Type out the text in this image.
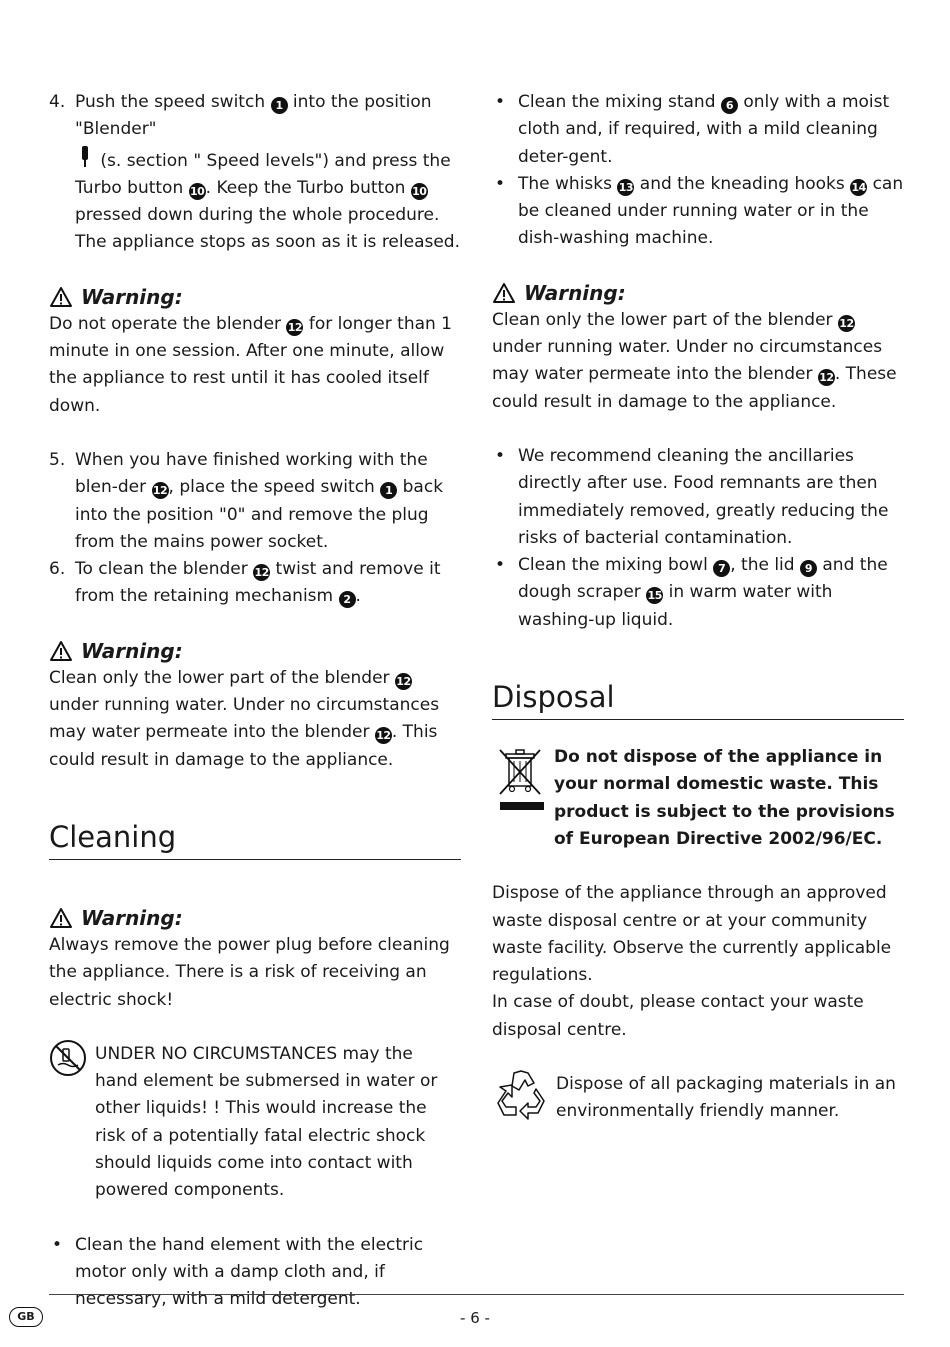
4. Push the speed switch 1 into the position "Blender"
(s. section " Speed levels") and press the Turbo button 10. Keep the Turbo button 10 pressed down during the whole procedure. The appliance stops as soon as it is released.

Warning:

Do not operate the blender 12 for longer than 1 minute in one session. After one minute, allow the appliance to rest until it has cooled itself down.

5. When you have finished working with the blen-der 12, place the speed switch 1 back into the position "0" and remove the plug from the mains power socket.

6. To clean the blender 12 twist and remove it from the retaining mechanism 2 .

Warning:

Clean only the lower part of the blender 12 under running water. Under no circumstances may water permeate into the blender 12. This could result in damage to the appliance.

Cleaning
Warning:

Always remove the power plug before cleaning the appliance. There is a risk of receiving an electric shock!

UNDER NO CIRCUMSTANCES may the hand element be submersed in water or other liquids! ! This would increase the risk of a potentially fatal electric shock should liquids come into contact with powered components.

• Clean the hand element with the electric motor only with a damp cloth and, if necessary, with a mild detergent.

• Clean the mixing stand 6 only with a moist cloth and, if required, with a mild cleaning deter-gent.

• The whisks 13 and the kneading hooks 14 can be cleaned under running water or in the dish-washing machine.

Warning:

Clean only the lower part of the blender 12 under running water. Under no circumstances may water permeate into the blender 12. These could result in damage to the appliance.

• We recommend cleaning the ancillaries directly after use. Food remnants are then immediately removed, greatly reducing the risks of bacterial contamination.

• Clean the mixing bowl 7 , the lid 9 and the dough scraper 15 in warm water with washing-up liquid.

Disposal

Do not dispose of the appliance in your normal domestic waste. This product is subject to the provisions of European Directive 2002/96/EC.

Dispose of the appliance through an approved waste disposal centre or at your community waste facility. Observe the currently applicable regulations.

In case of doubt, please contact your waste disposal centre.

Dispose of all packaging materials in an environmentally friendly manner.

GB	- 6 -
